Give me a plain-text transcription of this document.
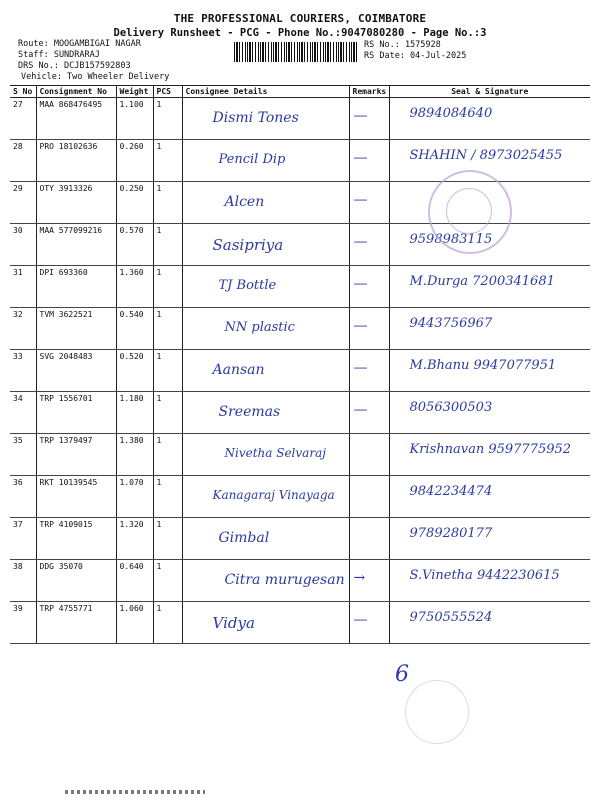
THE PROFESSIONAL COURIERS, COIMBATORE
Delivery Runsheet - PCG - Phone No.:9047080280 - Page No.:3
Route: MOOGAMBIGAI NAGAR
Staff: SUNDRARAJ
DRS No.: DCJB157592803
Vehicle: Two Wheeler Delivery
RS No.: 1575928
RS Date: 04-Jul-2025
S No	Consignment No	Weight	PCS	Consignee Details	Remarks	Seal & Signature
27	MAA 868476495	1.100	1	Dismi Tones	—	9894084640

28	PRO 18102636	0.260	1	Pencil Dip	—	SHAHIN / 8973025455

29	OTY 3913326	0.250	1	Alcen	—	

30	MAA 577099216	0.570	1	Sasipriya	—	9598983115

31	DPI 693360	1.360	1	TJ Bottle	—	M.Durga 7200341681

32	TVM 3622521	0.540	1	NN plastic	—	9443756967

33	SVG 2048483	0.520	1	Aansan	—	M.Bhanu 9947077951

34	TRP 1556701	1.180	1	Sreemas	—	8056300503

35	TRP 1379497	1.380	1	Nivetha Selvaraj		Krishnavan 9597775952

36	RKT 10139545	1.070	1	Kanagaraj Vinayaga		9842234474

37	TRP 4109015	1.320	1	Gimbal		9789280177

38	DDG 35070	0.640	1	Citra murugesan	→	S.Vinetha 9442230615

39	TRP 4755771	1.060	1	Vidya	—	9750555524
6
